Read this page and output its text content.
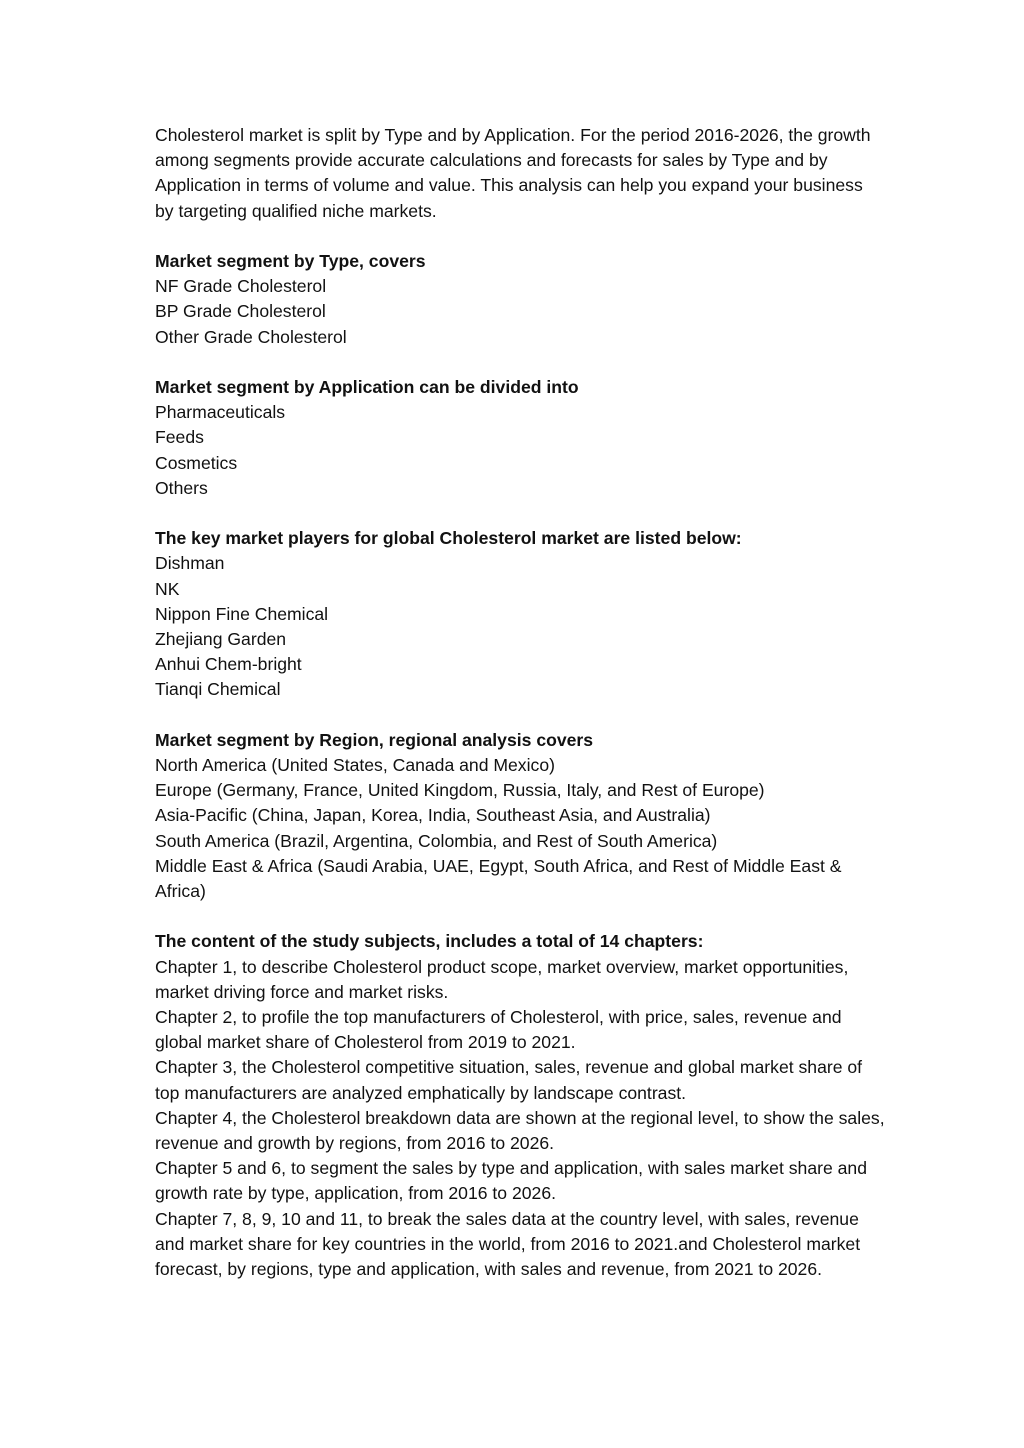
Cholesterol market is split by Type and by Application. For the period 2016-2026, the growth among segments provide accurate calculations and forecasts for sales by Type and by Application in terms of volume and value. This analysis can help you expand your business by targeting qualified niche markets.

Market segment by Type, covers

NF Grade Cholesterol
BP Grade Cholesterol
Other Grade Cholesterol

Market segment by Application can be divided into

Pharmaceuticals
Feeds
Cosmetics
Others

The key market players for global Cholesterol market are listed below:

Dishman
NK
Nippon Fine Chemical
Zhejiang Garden
Anhui Chem-bright
Tianqi Chemical

Market segment by Region, regional analysis covers

North America (United States, Canada and Mexico)
Europe (Germany, France, United Kingdom, Russia, Italy, and Rest of Europe)
Asia-Pacific (China, Japan, Korea, India, Southeast Asia, and Australia)
South America (Brazil, Argentina, Colombia, and Rest of South America)
Middle East & Africa (Saudi Arabia, UAE, Egypt, South Africa, and Rest of Middle East & Africa)

The content of the study subjects, includes a total of 14 chapters:

Chapter 1, to describe Cholesterol product scope, market overview, market opportunities, market driving force and market risks.
Chapter 2, to profile the top manufacturers of Cholesterol, with price, sales, revenue and global market share of Cholesterol from 2019 to 2021.
Chapter 3, the Cholesterol competitive situation, sales, revenue and global market share of top manufacturers are analyzed emphatically by landscape contrast.
Chapter 4, the Cholesterol breakdown data are shown at the regional level, to show the sales, revenue and growth by regions, from 2016 to 2026.
Chapter 5 and 6, to segment the sales by type and application, with sales market share and growth rate by type, application, from 2016 to 2026.
Chapter 7, 8, 9, 10 and 11, to break the sales data at the country level, with sales, revenue and market share for key countries in the world, from 2016 to 2021.and Cholesterol market forecast, by regions, type and application, with sales and revenue, from 2021 to 2026.
